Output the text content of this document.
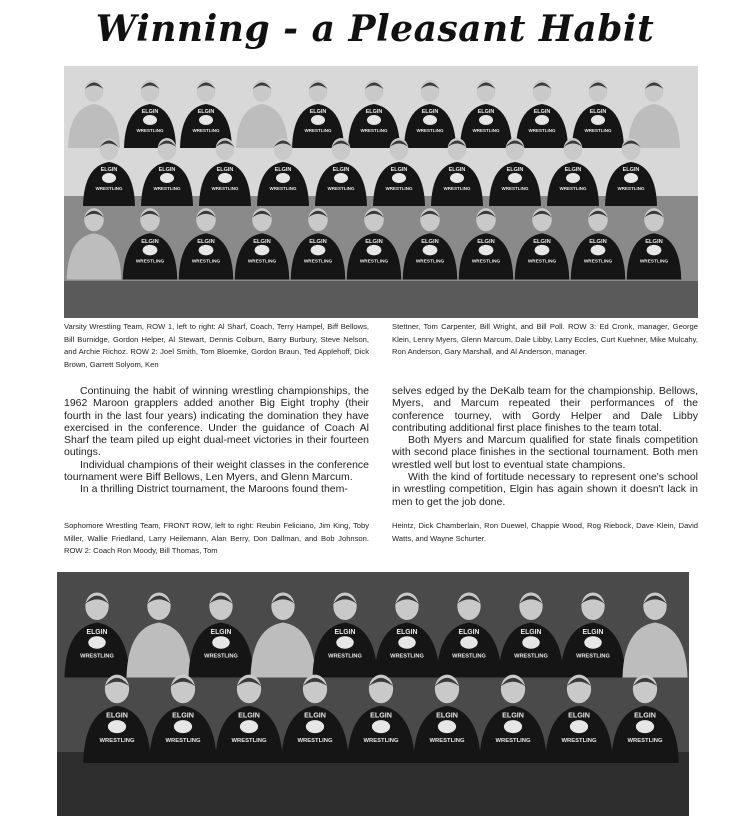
Winning - a Pleasant Habit
ELGIN
WRESTLING
ELGIN
WRESTLING
ELGIN
WRESTLING
ELGIN
WRESTLING
ELGIN
WRESTLING
ELGIN
WRESTLING
ELGIN
WRESTLING
ELGIN
WRESTLING
ELGIN
WRESTLING
ELGIN
WRESTLING
ELGIN
WRESTLING
ELGIN
WRESTLING
ELGIN
WRESTLING
ELGIN
WRESTLING
ELGIN
WRESTLING
ELGIN
WRESTLING
ELGIN
WRESTLING
ELGIN
WRESTLING
ELGIN
WRESTLING
ELGIN
WRESTLING
ELGIN
WRESTLING
ELGIN
WRESTLING
ELGIN
WRESTLING
ELGIN
WRESTLING
ELGIN
WRESTLING
ELGIN
WRESTLING
ELGIN
WRESTLING
ELGIN
WRESTLING
Varsity Wrestling Team, ROW 1, left to right: Al Sharf, Coach, Terry Hampel, Biff Bellows, Bill Burnidge, Gordon Helper, Al Stewart, Dennis Colburn, Barry Burbury, Steve Nelson, and Archie Richoz. ROW 2: Joel Smith, Tom Bloemke, Gordon Braun, Ted Applehoff, Dick Brown, Garrett Solyom, Ken
Stettner, Tom Carpenter, Bill Wright, and Bill Poll. ROW 3: Ed Cronk, manager, George Klein, Lenny Myers, Glenn Marcum, Dale Libby, Larry Eccles, Curt Kuehner, Mike Mulcahy, Ron Anderson, Gary Marshall, and Al Anderson, manager.

Continuing the habit of winning wrestling championships, the 1962 Maroon grapplers added another Big Eight trophy (their fourth in the last four years) indicating the domination they have exercised in the conference. Under the guidance of Coach Al Sharf the team piled up eight dual-meet victories in their fourteen outings.

Individual champions of their weight classes in the conference tournament were Biff Bellows, Len Myers, and Glenn Marcum.

In a thrilling District tournament, the Maroons found them-

selves edged by the DeKalb team for the championship. Bellows, Myers, and Marcum repeated their performances of the conference tourney, with Gordy Helper and Dale Libby contributing additional first place finishes to the team total.

Both Myers and Marcum qualified for state finals competition with second place finishes in the sectional tournament. Both men wrestled well but lost to eventual state champions.

With the kind of fortitude necessary to represent one's school in wrestling competition, Elgin has again shown it doesn't lack in men to get the job done.

Sophomore Wrestling Team, FRONT ROW, left to right: Reubin Feliciano, Jim King, Toby Miller, Wallie Friedland, Larry Heilemann, Alan Berry, Don Dallman, and Bob Johnson. ROW 2: Coach Ron Moody, Bill Thomas, Tom
Heintz, Dick Chamberlain, Ron Duewel, Chappie Wood, Rog Riebock, Dave Klein, David Watts, and Wayne Schurter.
ELGIN
WRESTLING
ELGIN
WRESTLING
ELGIN
WRESTLING
ELGIN
WRESTLING
ELGIN
WRESTLING
ELGIN
WRESTLING
ELGIN
WRESTLING
ELGIN
WRESTLING
ELGIN
WRESTLING
ELGIN
WRESTLING
ELGIN
WRESTLING
ELGIN
WRESTLING
ELGIN
WRESTLING
ELGIN
WRESTLING
ELGIN
WRESTLING
ELGIN
WRESTLING
